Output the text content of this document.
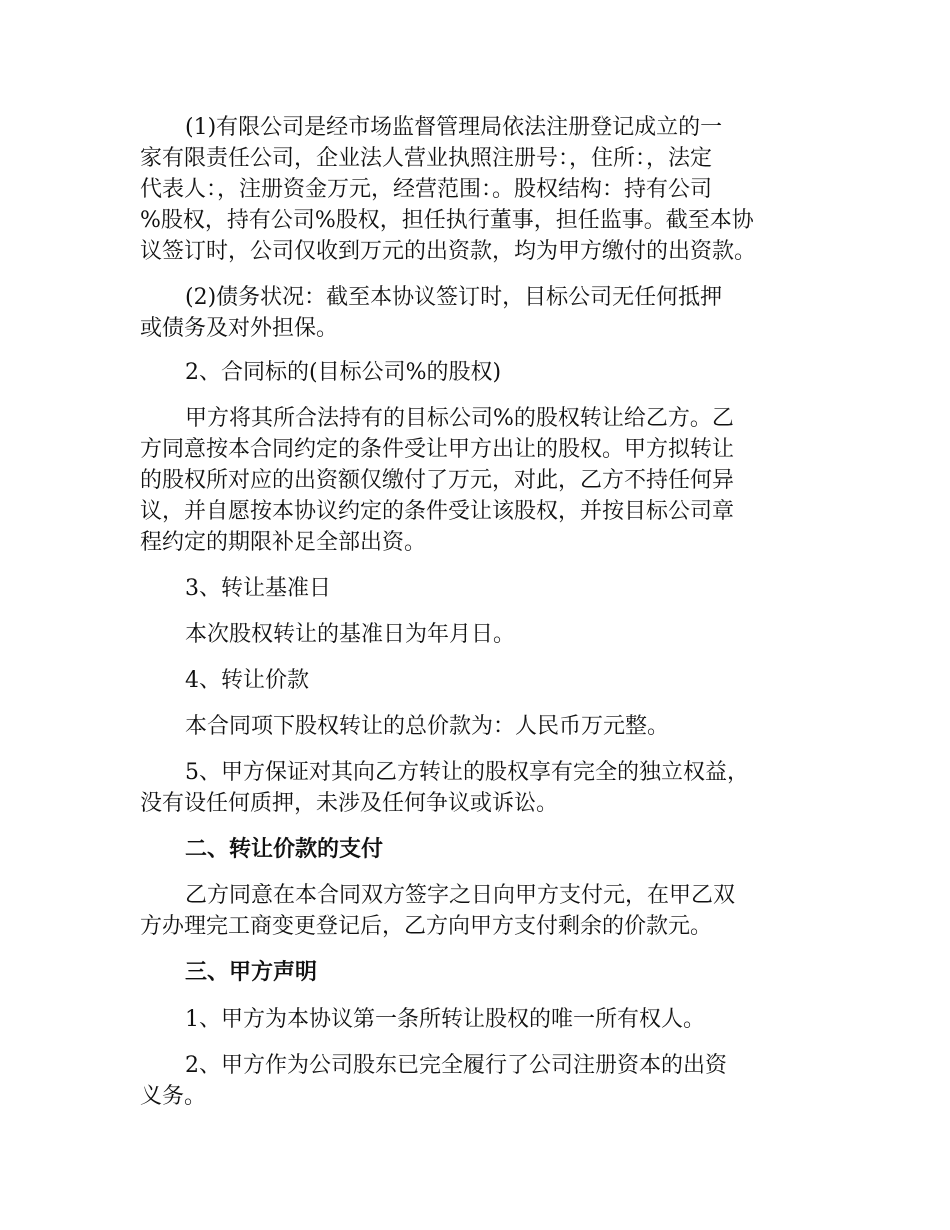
(1)有限公司是经市场监督管理局依法注册登记成立的一
家有限责任公司，企业法人营业执照注册号：，住所：，法定
代表人：，注册资金万元，经营范围：。股权结构：持有公司
%股权，持有公司%股权，担任执行董事，担任监事。截至本协
议签订时，公司仅收到万元的出资款，均为甲方缴付的出资款。
(2)债务状况：截至本协议签订时，目标公司无任何抵押
或债务及对外担保。
2、合同标的(目标公司%的股权)
甲方将其所合法持有的目标公司%的股权转让给乙方。乙
方同意按本合同约定的条件受让甲方出让的股权。甲方拟转让
的股权所对应的出资额仅缴付了万元，对此，乙方不持任何异
议，并自愿按本协议约定的条件受让该股权，并按目标公司章
程约定的期限补足全部出资。
3、转让基准日
本次股权转让的基准日为年月日。
4、转让价款
本合同项下股权转让的总价款为：人民币万元整。
5、甲方保证对其向乙方转让的股权享有完全的独立权益，
没有设任何质押，未涉及任何争议或诉讼。
二、转让价款的支付
乙方同意在本合同双方签字之日向甲方支付元，在甲乙双
方办理完工商变更登记后，乙方向甲方支付剩余的价款元。
三、甲方声明
1、甲方为本协议第一条所转让股权的唯一所有权人。
2、甲方作为公司股东已完全履行了公司注册资本的出资
义务。
